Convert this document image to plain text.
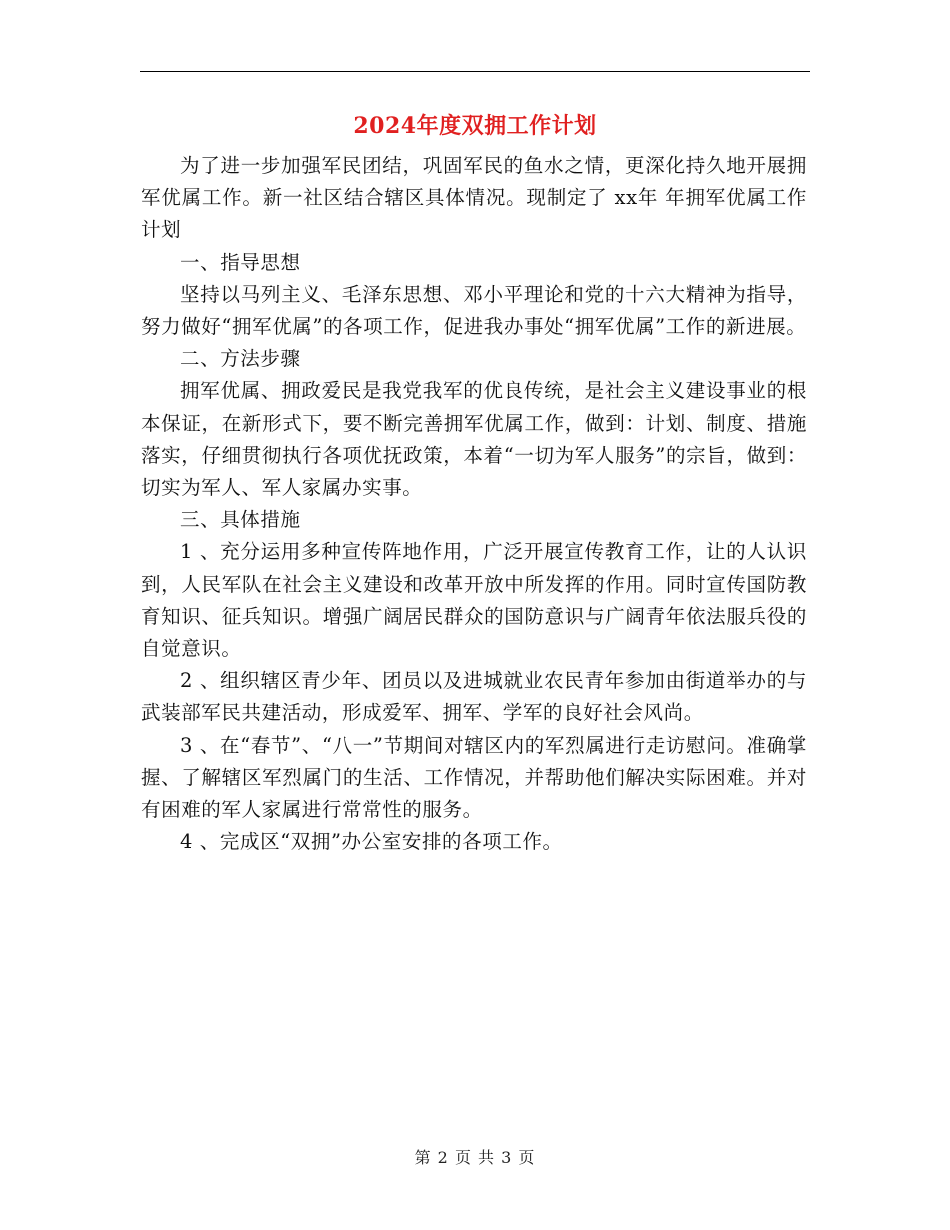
2024年度双拥工作计划

为了进一步加强军民团结，巩固军民的鱼水之情，更深化持久地开展拥军优属工作。新一社区结合辖区具体情况。现制定了 xx年 年拥军优属工作计划

一、指导思想

坚持以马列主义、毛泽东思想、邓小平理论和党的十六大精神为指导，努力做好“拥军优属”的各项工作，促进我办事处“拥军优属”工作的新进展。

二、方法步骤

拥军优属、拥政爱民是我党我军的优良传统，是社会主义建设事业的根本保证，在新形式下，要不断完善拥军优属工作，做到：计划、制度、措施落实，仔细贯彻执行各项优抚政策，本着“一切为军人服务”的宗旨，做到：切实为军人、军人家属办实事。

三、具体措施

1 、充分运用多种宣传阵地作用，广泛开展宣传教育工作，让的人认识到，人民军队在社会主义建设和改革开放中所发挥的作用。同时宣传国防教育知识、征兵知识。增强广阔居民群众的国防意识与广阔青年依法服兵役的自觉意识。

2 、组织辖区青少年、团员以及进城就业农民青年参加由街道举办的与武装部军民共建活动，形成爱军、拥军、学军的良好社会风尚。

3 、在“春节”、“八一”节期间对辖区内的军烈属进行走访慰问。准确掌握、了解辖区军烈属门的生活、工作情况，并帮助他们解决实际困难。并对有困难的军人家属进行常常性的服务。

4 、完成区“双拥”办公室安排的各项工作。

第 2 页 共 3 页
